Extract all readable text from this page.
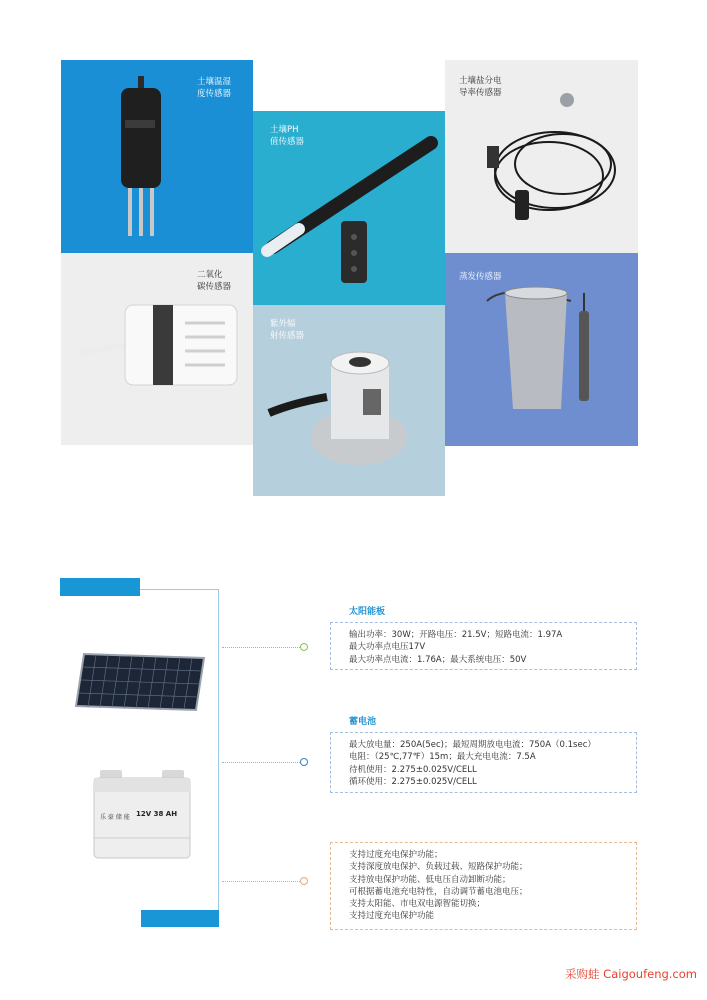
土壤温湿
度传感器
土壤PH
值传感器
土壤盐分电
导率传感器
二氧化
碳传感器
紫外辐
射传感器
蒸发传感器
乐 豪 储 能 12V 38 AH
太阳能板
输出功率：30W；开路电压：21.5V；短路电流：1.97A
最大功率点电压17V
最大功率点电流：1.76A；最大系统电压：50V
蓄电池
最大放电量：250A(5ec)；最短周期放电电流：750A（0.1sec）
电阻：（25℃,77℉）15m；最大充电电流：7.5A
待机使用：2.275±0.025V/CELL
循环使用：2.275±0.025V/CELL
支持过度充电保护功能；
支持深度放电保护、负载过载、短路保护功能；
支持放电保护功能、低电压自动卸断功能；
可根据蓄电池充电特性，自动调节蓄电池电压；
支持太阳能、市电双电源智能切换；
支持过度充电保护功能
采购蛙 Caigoufeng.com
